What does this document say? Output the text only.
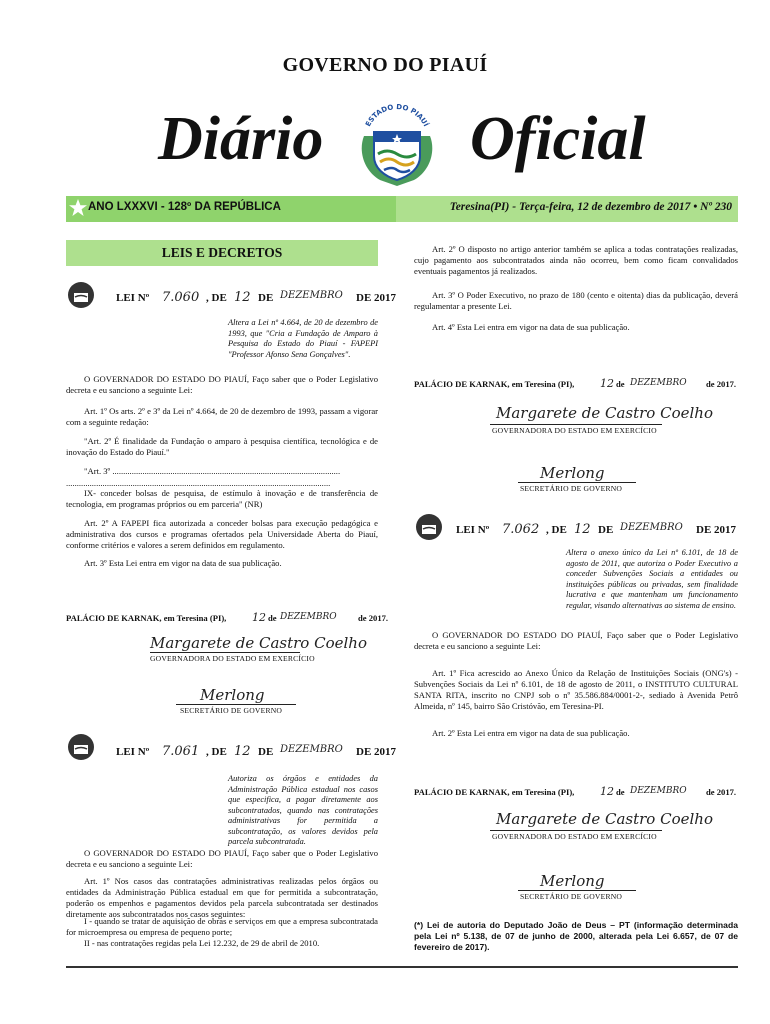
GOVERNO DO PIAUÍ
Diário Oficial
ESTADO DO PIAUÍ
ANO LXXXVI - 128º DA REPÚBLICA	Teresina(PI) - Terça-feira, 12 de dezembro de 2017 • Nº 230
LEIS E DECRETOS
LEI Nº 7.060 , DE 12 DE DEZEMBRO DE 2017
Altera a Lei nº 4.664, de 20 de dezembro de 1993, que "Cria a Fundação de Amparo à Pesquisa do Estado do Piauí - FAPEPI "Professor Afonso Sena Gonçalves".
O GOVERNADOR DO ESTADO DO PIAUÍ, Faço saber que o Poder Legislativo decreta e eu sanciono a seguinte Lei:
Art. 1º Os arts. 2º e 3º da Lei nº 4.664, de 20 de dezembro de 1993, passam a vigorar com a seguinte redação:
"Art. 2º É finalidade da Fundação o amparo à pesquisa científica, tecnológica e de inovação do Estado do Piauí."
"Art. 3º ..........................................................................................................
...........................................................................................................................
IX- conceder bolsas de pesquisa, de estímulo à inovação e de transferência de tecnologia, em programas próprios ou em parceria" (NR)
Art. 2º A FAPEPI fica autorizada a conceder bolsas para execução pedagógica e administrativa dos cursos e programas ofertados pela Universidade Aberta do Piauí, conforme critérios e valores a serem definidos em regulamento.
Art. 3º Esta Lei entra em vigor na data de sua publicação.
PALÁCIO DE KARNAK, em Teresina (PI), 12 de DEZEMBRO de 2017.
Margarete de Castro Coelho
GOVERNADORA DO ESTADO EM EXERCÍCIO
Merlong
SECRETÁRIO DE GOVERNO
LEI Nº 7.061 , DE 12 DE DEZEMBRO DE 2017
Autoriza os órgãos e entidades da Administração Pública estadual nos casos que especifica, a pagar diretamente aos subcontratados, quando nas contratações administrativas for permitida a subcontratação, os valores devidos pela parcela subcontratada.
O GOVERNADOR DO ESTADO DO PIAUÍ, Faço saber que o Poder Legislativo decreta e eu sanciono a seguinte Lei:
Art. 1º Nos casos das contratações administrativas realizadas pelos órgãos ou entidades da Administração Pública estadual em que for permitida a subcontratação, poderão os empenhos e pagamentos devidos pela parcela subcontratada ser destinados diretamente aos subcontratados nos casos seguintes:
I - quando se tratar de aquisição de obras e serviços em que a empresa subcontratada for microempresa ou empresa de pequeno porte;
II - nas contratações regidas pela Lei 12.232, de 29 de abril de 2010.
Art. 2º O disposto no artigo anterior também se aplica a todas contratações realizadas, cujo pagamento aos subcontratados ainda não ocorreu, bem como ficam convalidados eventuais pagamentos já realizados.
Art. 3º O Poder Executivo, no prazo de 180 (cento e oitenta) dias da publicação, deverá regulamentar a presente Lei.
Art. 4º Esta Lei entra em vigor na data de sua publicação.
PALÁCIO DE KARNAK, em Teresina (PI), 12 de DEZEMBRO de 2017.
Margarete de Castro Coelho
GOVERNADORA DO ESTADO EM EXERCÍCIO
Merlong
SECRETÁRIO DE GOVERNO
LEI Nº 7.062 , DE 12 DE DEZEMBRO DE 2017
Altera o anexo único da Lei nº 6.101, de 18 de agosto de 2011, que autoriza o Poder Executivo a conceder Subvenções Sociais a entidades ou instituições públicas ou privadas, sem finalidade lucrativa e que mantenham um funcionamento regular, visando alternativas ao sistema de ensino.
O GOVERNADOR DO ESTADO DO PIAUÍ, Faço saber que o Poder Legislativo decreta e eu sanciono a seguinte Lei:
Art. 1º Fica acrescido ao Anexo Único da Relação de Instituições Sociais (ONG's) - Subvenções Sociais da Lei nº 6.101, de 18 de agosto de 2011, o INSTITUTO CULTURAL SANTA RITA, inscrito no CNPJ sob o nº 35.586.884/0001-2-, sediado à Avenida Petrô Almeida, nº 145, bairro São Cristóvão, em Teresina-PI.
Art. 2º Esta Lei entra em vigor na data de sua publicação.
PALÁCIO DE KARNAK, em Teresina (PI), 12 de DEZEMBRO de 2017.
Margarete de Castro Coelho
GOVERNADORA DO ESTADO EM EXERCÍCIO
Merlong
SECRETÁRIO DE GOVERNO
(*) Lei de autoria do Deputado João de Deus – PT (informação determinada pela Lei nº 5.138, de 07 de junho de 2000, alterada pela Lei 6.657, de 07 de fevereiro de 2017).
